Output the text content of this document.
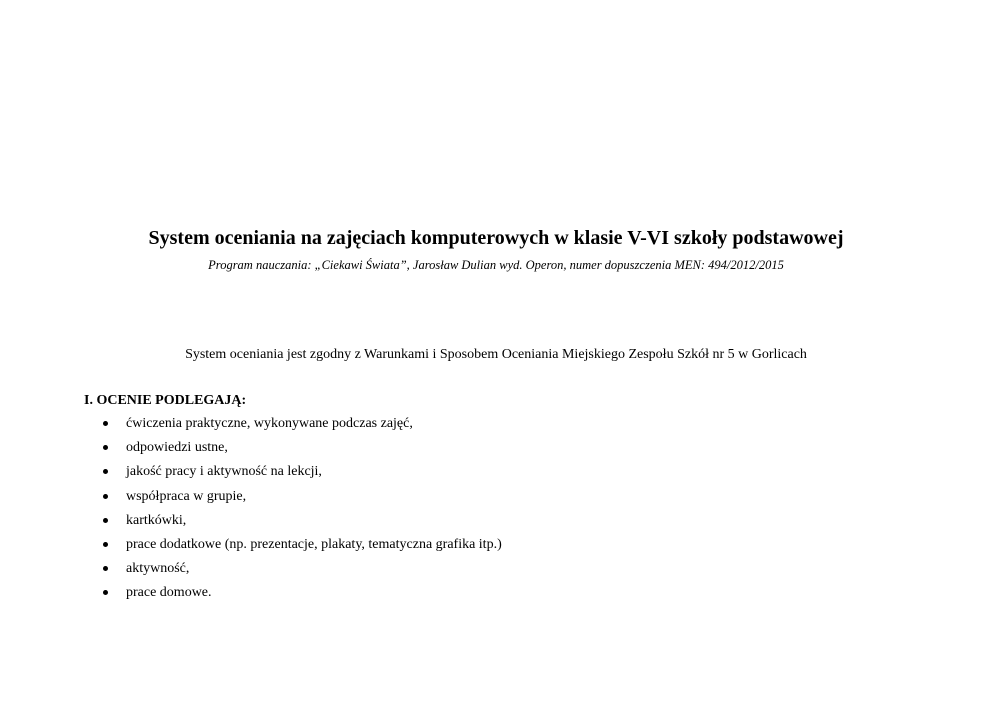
System oceniania na zajęciach komputerowych w klasie V-VI szkoły podstawowej
Program nauczania: „Ciekawi Świata”, Jarosław Dulian wyd. Operon, numer dopuszczenia MEN: 494/2012/2015
System oceniania jest zgodny z Warunkami i Sposobem Oceniania Miejskiego Zespołu Szkół nr 5 w Gorlicach
I. OCENIE PODLEGAJĄ:
ćwiczenia praktyczne, wykonywane podczas zajęć,
odpowiedzi ustne,
jakość pracy i aktywność na lekcji,
współpraca w grupie,
kartkówki,
prace dodatkowe (np. prezentacje, plakaty, tematyczna grafika itp.)
aktywność,
prace domowe.
